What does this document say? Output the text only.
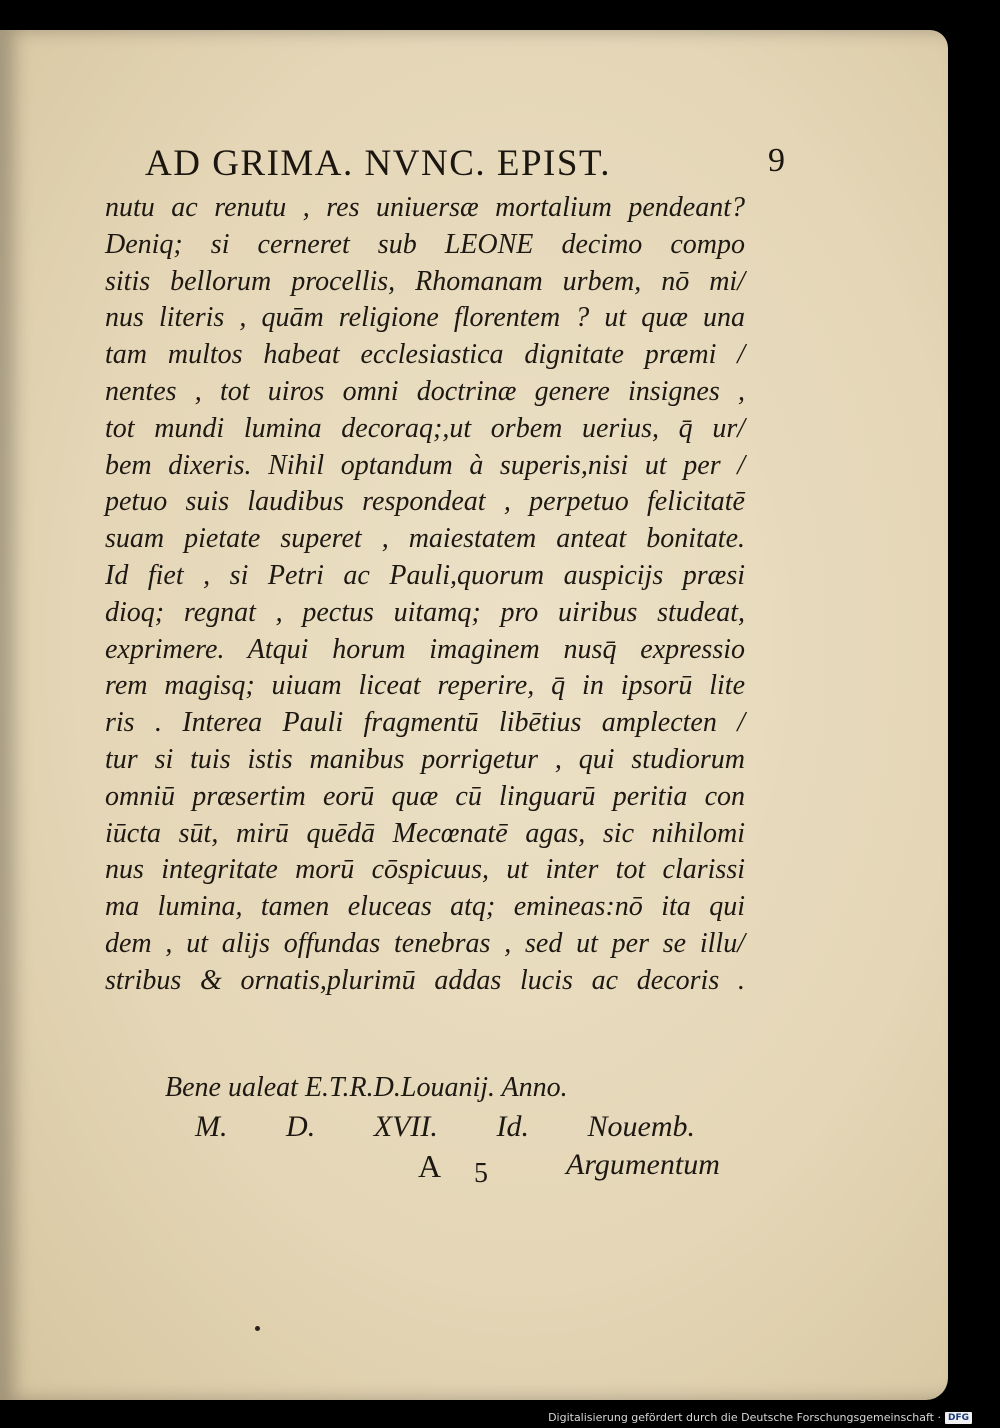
AD GRIMA. NVNC. EPIST.	9
nutu ac renutu , res uniuersæ mortalium pendeant?
Deniq; si cerneret sub LEONE decimo compo
sitis bellorum procellis, Rhomanam urbem, nō mi/
nus literis , quām religione florentem ? ut quæ una
tam multos habeat ecclesiastica dignitate præmi /
nentes , tot uiros omni doctrinæ genere insignes ,
tot mundi lumina decoraq;,ut orbem uerius, q̄ ur/
bem dixeris. Nihil optandum à superis,nisi ut per /
petuo suis laudibus respondeat , perpetuo felicitatē
suam pietate superet , maiestatem anteat bonitate.
Id fiet , si Petri ac Pauli,quorum auspicijs præsi
dioq; regnat , pectus uitamq; pro uiribus studeat,
exprimere. Atqui horum imaginem nusq̄ expressio
rem magisq; uiuam liceat reperire, q̄ in ipsorū lite
ris . Interea Pauli fragmentū libētius amplecten /
tur si tuis istis manibus porrigetur , qui studiorum
omniū præsertim eorū quæ cū linguarū peritia con
iūcta sūt, mirū quēdā Mecœnatē agas, sic nihilomi
nus integritate morū cōspicuus, ut inter tot clarissi
ma lumina, tamen eluceas atq; emineas:nō ita qui
dem , ut alijs offundas tenebras , sed ut per se illu/
stribus & ornatis,plurimū addas lucis ac decoris .
Bene ualeat E.T.R.D.Louanij. Anno.
M. D. XVII. Id. Nouemb.
A 5	Argumentum
Digitalisierung gefördert durch die Deutsche Forschungsgemeinschaft · DFG
